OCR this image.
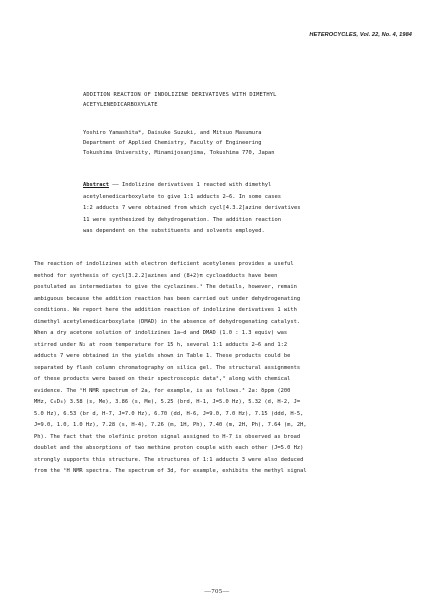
HETEROCYCLES, Vol. 22, No. 4, 1984
ADDITION REACTION OF INDOLIZINE DERIVATIVES WITH DIMETHYL
ACETYLENEDICARBOXYLATE
Yoshiro Yamashita*, Daisuke Suzuki, and Mitsuo Masumura
Department of Applied Chemistry, Faculty of Engineering
Tokushima University, Minamijosanjima, Tokushima 770, Japan
Abstract —— Indolizine derivatives 1 reacted with dimethyl
acetylenedicarboxylate to give 1:1 adducts 2–6. In some cases
1:2 adducts 7 were obtained from which cycl[4.3.2]azine derivatives
11 were synthesized by dehydrogenation. The addition reaction
was dependent on the substituents and solvents employed.
The reaction of indolizines with electron deficient acetylenes provides a useful
method for synthesis of cycl[3.2.2]azines and (8+2)π cycloadducts have been
postulated as intermediates to give the cyclazines.¹ The details, however, remain
ambiguous because the addition reaction has been carried out under dehydrogenating
conditions. We report here the addition reaction of indolizine derivatives 1 with
dimethyl acetylenedicarboxylate (DMAD) in the absence of dehydrogenating catalyst.
When a dry acetone solution of indolizines 1a–d and DMAD (1.0 : 1.3 equiv) was
stirred under N₂ at room temperature for 15 h, several 1:1 adducts 2–6 and 1:2
adducts 7 were obtained in the yields shown in Table 1. These products could be
separated by flash column chromatography on silica gel. The structural assignments
of these products were based on their spectroscopic data²,³ along with chemical
evidence. The ¹H NMR spectrum of 2a, for example, is as follows.³ 2a: δppm (200
MHz, C₆D₆) 3.58 (s, Me), 3.86 (s, Me), 5.25 (brd, H-1, J=5.0 Hz), 5.32 (d, H-2, J=
5.0 Hz), 6.53 (br d, H-7, J=7.0 Hz), 6.70 (dd, H-6, J=9.0, 7.0 Hz), 7.15 (ddd, H-5,
J=9.0, 1.0, 1.0 Hz), 7.28 (s, H-4), 7.26 (m, 1H, Ph), 7.40 (m, 2H, Ph), 7.64 (m, 2H,
Ph). The fact that the olefinic proton signal assigned to H-7 is observed as broad
doublet and the absorptions of two methine proton couple with each other (J=5.0 Hz)
strongly supports this structure. The structures of 1:1 adducts 3 were also deduced
from the ¹H NMR spectra. The spectrum of 3d, for example, exhibits the methyl signal
—705—
